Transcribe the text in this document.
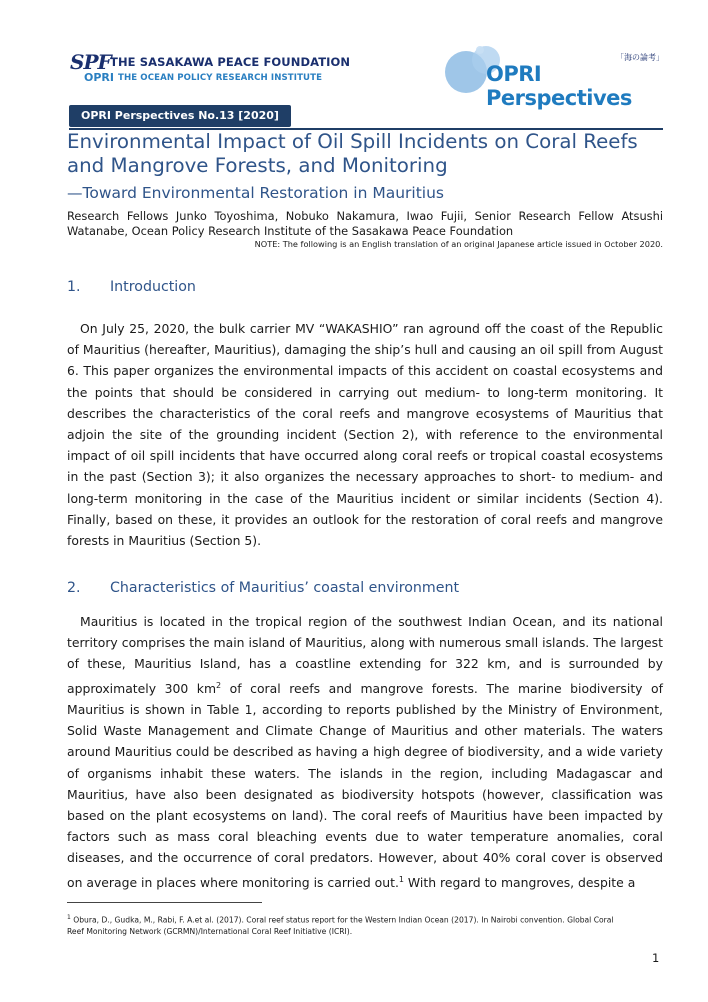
SPF THE SASAKAWA PEACE FOUNDATION
OPRI THE OCEAN POLICY RESEARCH INSTITUTE
「海の論考」
OPRI Perspectives
OPRI Perspectives No.13 [2020]
Environmental Impact of Oil Spill Incidents on Coral Reefs and Mangrove Forests, and Monitoring
—Toward Environmental Restoration in Mauritius
Research Fellows Junko Toyoshima, Nobuko Nakamura, Iwao Fujii, Senior Research Fellow Atsushi Watanabe, Ocean Policy Research Institute of the Sasakawa Peace Foundation
NOTE: The following is an English translation of an original Japanese article issued in October 2020.
1. Introduction

On July 25, 2020, the bulk carrier MV “WAKASHIO” ran aground off the coast of the Republic of Mauritius (hereafter, Mauritius), damaging the ship’s hull and causing an oil spill from August 6. This paper organizes the environmental impacts of this accident on coastal ecosystems and the points that should be considered in carrying out medium- to long-term monitoring. It describes the characteristics of the coral reefs and mangrove ecosystems of Mauritius that adjoin the site of the grounding incident (Section 2), with reference to the environmental impact of oil spill incidents that have occurred along coral reefs or tropical coastal ecosystems in the past (Section 3); it also organizes the necessary approaches to short- to medium- and long-term monitoring in the case of the Mauritius incident or similar incidents (Section 4). Finally, based on these, it provides an outlook for the restoration of coral reefs and mangrove forests in Mauritius (Section 5).

2. Characteristics of Mauritius’ coastal environment

Mauritius is located in the tropical region of the southwest Indian Ocean, and its national territory comprises the main island of Mauritius, along with numerous small islands. The largest of these, Mauritius Island, has a coastline extending for 322 km, and is surrounded by approximately 300 $km^2$ of coral reefs and mangrove forests. The marine biodiversity of Mauritius is shown in Table 1, according to reports published by the Ministry of Environment, Solid Waste Management and Climate Change of Mauritius and other materials. The waters around Mauritius could be described as having a high degree of biodiversity, and a wide variety of organisms inhabit these waters. The islands in the region, including Madagascar and Mauritius, have also been designated as biodiversity hotspots (however, classification was based on the plant ecosystems on land). The coral reefs of Mauritius have been impacted by factors such as mass coral bleaching events due to water temperature anomalies, coral diseases, and the occurrence of coral predators. However, about 40% coral cover is observed on average in places where monitoring is carried out.$^1$ With regard to mangroves, despite a

$^1$ Obura, D., Gudka, M., Rabi, F. A.et al. (2017). Coral reef status report for the Western Indian Ocean (2017). In Nairobi convention. Global Coral Reef Monitoring Network (GCRMN)/International Coral Reef Initiative (ICRI).
1
